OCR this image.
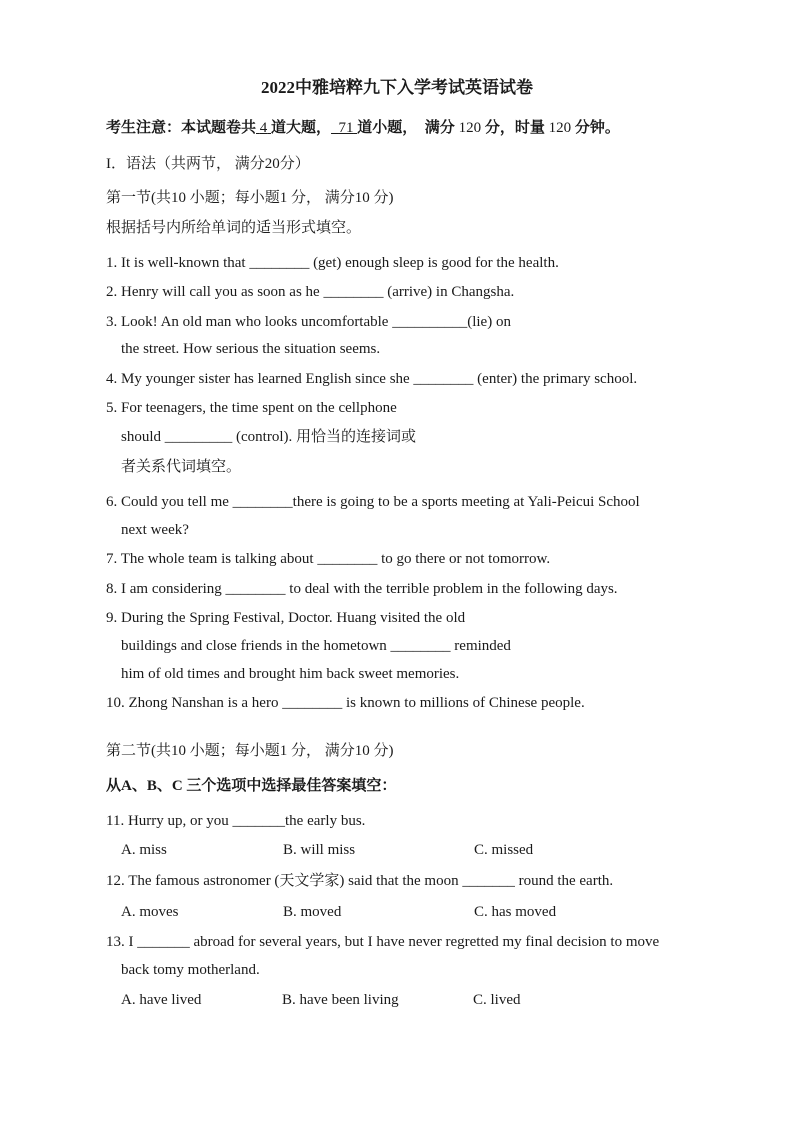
2022中雅培粹九下入学考试英语试卷
考生注意：本试题卷共 4 道大题， 71 道小题， 满分 120 分，时量 120 分钟。
I．语法（共两节， 满分20分）
第一节(共10 小题；每小题1 分， 满分10 分)
根据括号内所给单词的适当形式填空。
1. It is well-known that ________ (get) enough sleep is good for the health.
2. Henry will call you as soon as he ________ (arrive) in Changsha.
3. Look! An old man who looks uncomfortable __________(lie) on
the street. How serious the situation seems.
4. My younger sister has learned English since she ________ (enter) the primary school.
5. For teenagers, the time spent on the cellphone
should _________ (control). 用恰当的连接词或
者关系代词填空。
6. Could you tell me ________there is going to be a sports meeting at Yali-Peicui School
next week?
7. The whole team is talking about ________ to go there or not tomorrow.
8. I am considering ________ to deal with the terrible problem in the following days.
9. During the Spring Festival, Doctor. Huang visited the old
buildings and close friends in the hometown ________ reminded
him of old times and brought him back sweet memories.
10. Zhong Nanshan is a hero ________ is known to millions of Chinese people.
第二节(共10 小题；每小题1 分， 满分10 分)
从A、B、C 三个选项中选择最佳答案填空：
11. Hurry up, or you _______the early bus.
A. miss	B. will miss	C. missed
12. The famous astronomer (天文学家) said that the moon _______ round the earth.
A. moves	B. moved	C. has moved
13. I _______ abroad for several years, but I have never regretted my final decision to move
back tomy motherland.
A. have lived	B. have been living	C. lived
